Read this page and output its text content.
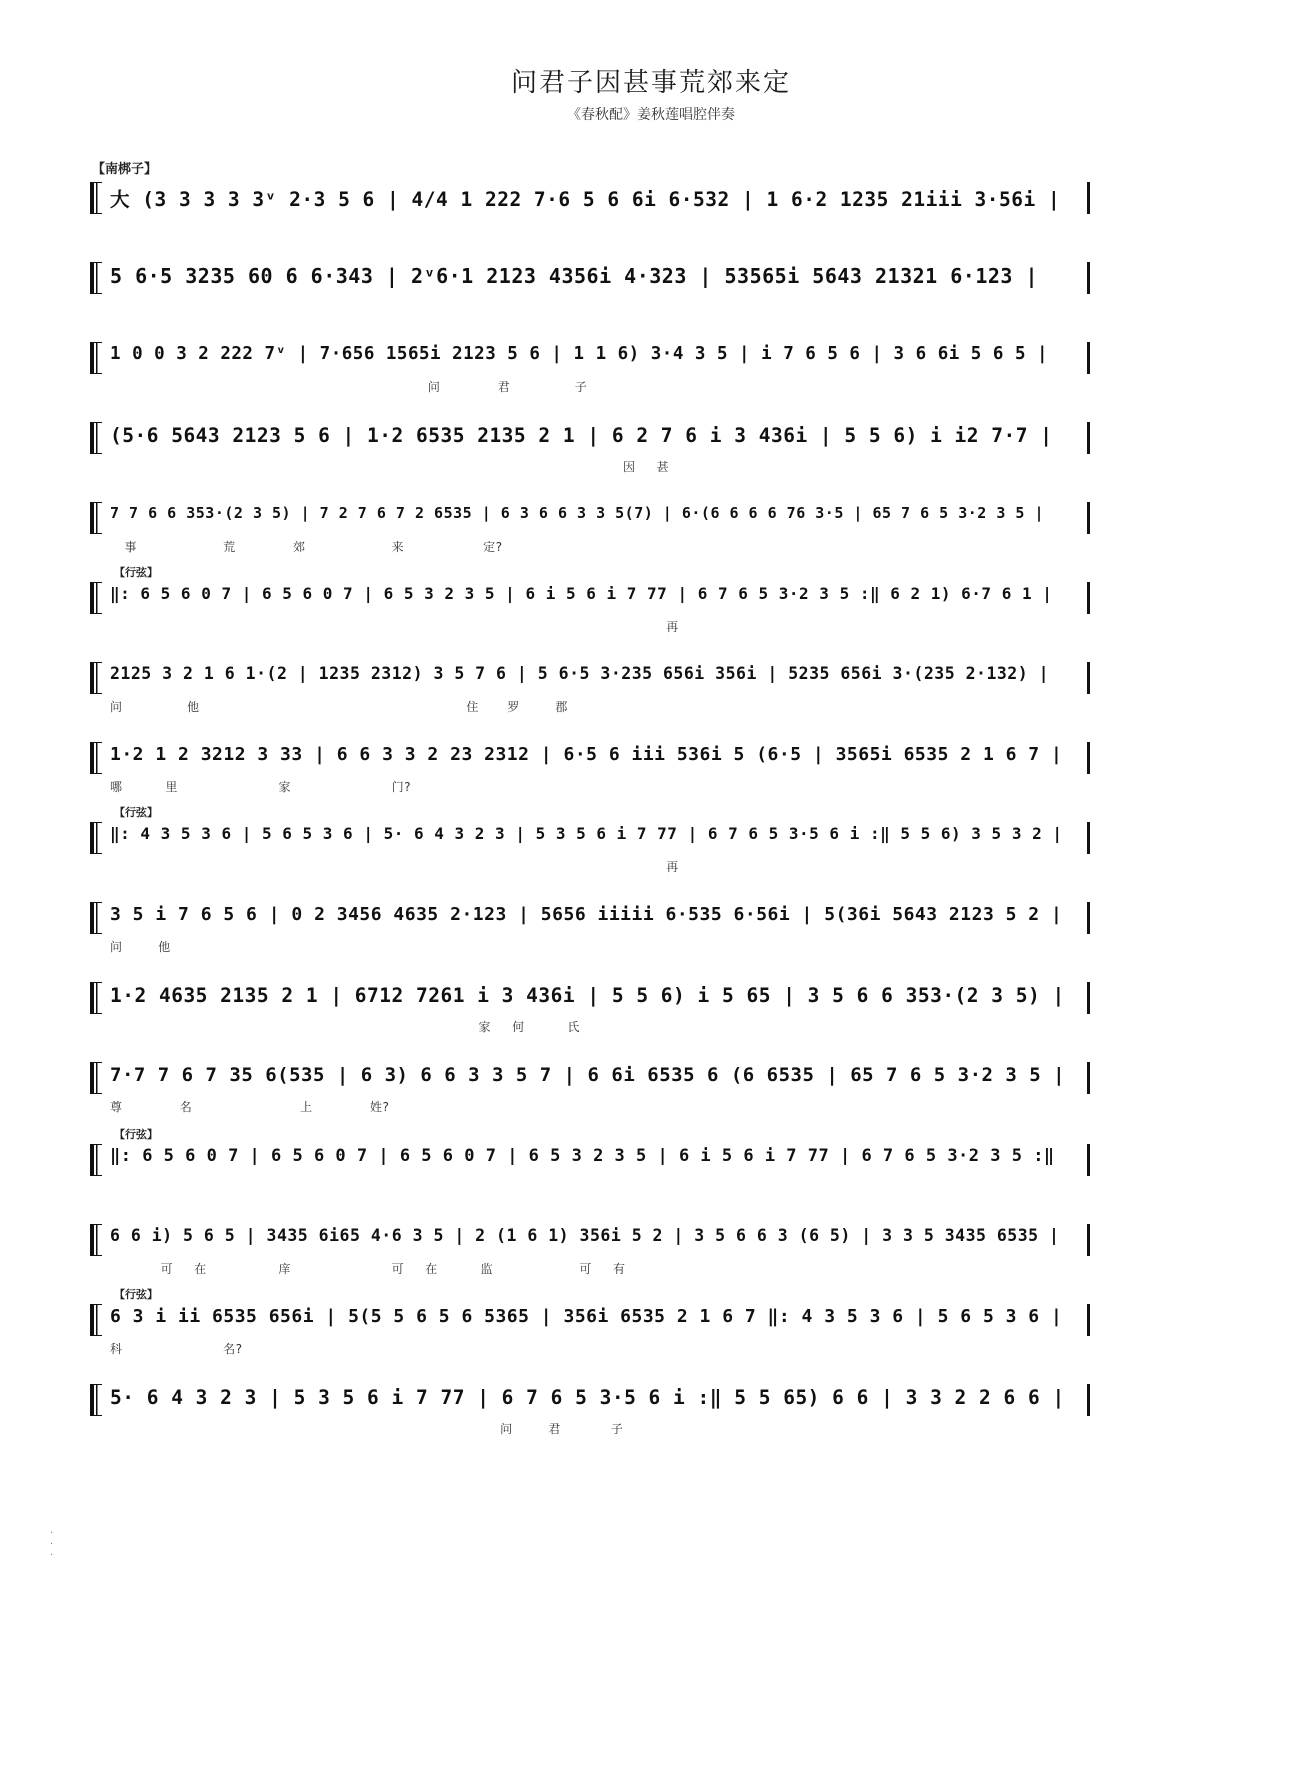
问君子因甚事荒郊来定
《春秋配》姜秋莲唱腔伴奏
【南梆子】
大 (3 3 3 3 3ᵛ 2·3 5 6 | 4/4 1 222 7·6 5 6 6i 6·532 | 1 6·2 1235 21iii 3·56i |
5 6·5 3235 60 6 6·343 | 2ᵛ6·1 2123 4356i 4·323 | 53565i 5643 21321 6·123 |
1 0 0 3 2 222 7ᵛ | 7·656 1565i 2123 5 6 | 1 1 6) 3·4 3 5 | i 7 6 5 6 | 3 6 6i 5 6 5 |
问        君         子
(5·6 5643 2123 5 6 | 1·2 6535 2135 2 1 | 6 2 7 6 i 3 436i | 5 5 6) i i2 7·7 |
因   甚
7 7 6 6 353·(2 3 5) | 7 2 7 6 7 2 6535 | 6 3 6 6 3 3 5(7) | 6·(6 6 6 6 76 3·5 | 65 7 6 5 3·2 3 5 |
事            荒        郊            来           定?
【行弦】
‖: 6 5 6 0 7 | 6 5 6 0 7 | 6 5 3 2 3 5 | 6 i 5 6 i 7 77 | 6 7 6 5 3·2 3 5 :‖ 6 2 1) 6·7 6 1 |
再
2125 3 2 1 6 1·(2 | 1235 2312) 3 5 7 6 | 5 6·5 3·235 656i 356i | 5235 656i 3·(235 2·132) |
问         他                                     住    罗     郡
1·2 1 2 3212 3 33 | 6 6 3 3 2 23 2312 | 6·5 6 iii 536i 5 (6·5 | 3565i 6535 2 1 6 7 |
哪      里              家              门?
【行弦】
‖: 4 3 5 3 6 | 5 6 5 3 6 | 5· 6 4 3 2 3 | 5 3 5 6 i 7 77 | 6 7 6 5 3·5 6 i :‖ 5 5 6) 3 5 3 2 |
再
3 5 i 7 6 5 6 | 0 2 3456 4635 2·123 | 5656 iiiii 6·535 6·56i | 5(36i 5643 2123 5 2 |
问     他
1·2 4635 2135 2 1 | 6712 7261 i 3 436i | 5 5 6) i 5 65 | 3 5 6 6 353·(2 3 5) |
家   何      氏
7·7 7 6 7 35 6(535 | 6 3) 6 6 3 3 5 7 | 6 6i 6535 6 (6 6535 | 65 7 6 5 3·2 3 5 |
尊        名               上        姓?
【行弦】
‖: 6 5 6 0 7 | 6 5 6 0 7 | 6 5 6 0 7 | 6 5 3 2 3 5 | 6 i 5 6 i 7 77 | 6 7 6 5 3·2 3 5 :‖
6 6 i) 5 6 5 | 3435 6i65 4·6 3 5 | 2 (1 6 1) 356i 5 2 | 3 5 6 6 3 (6 5) | 3 3 5 3435 6535 |
可   在          庠              可   在      监            可   有
【行弦】
6 3 i ii 6535 656i | 5(5 5 6 5 6 5365 | 356i 6535 2 1 6 7 ‖: 4 3 5 3 6 | 5 6 5 3 6 |
科              名?
5· 6 4 3 2 3 | 5 3 5 6 i 7 77 | 6 7 6 5 3·5 6 i :‖ 5 5 65) 6 6 | 3 3 2 2 6 6 |
问     君       子
·
·
·
